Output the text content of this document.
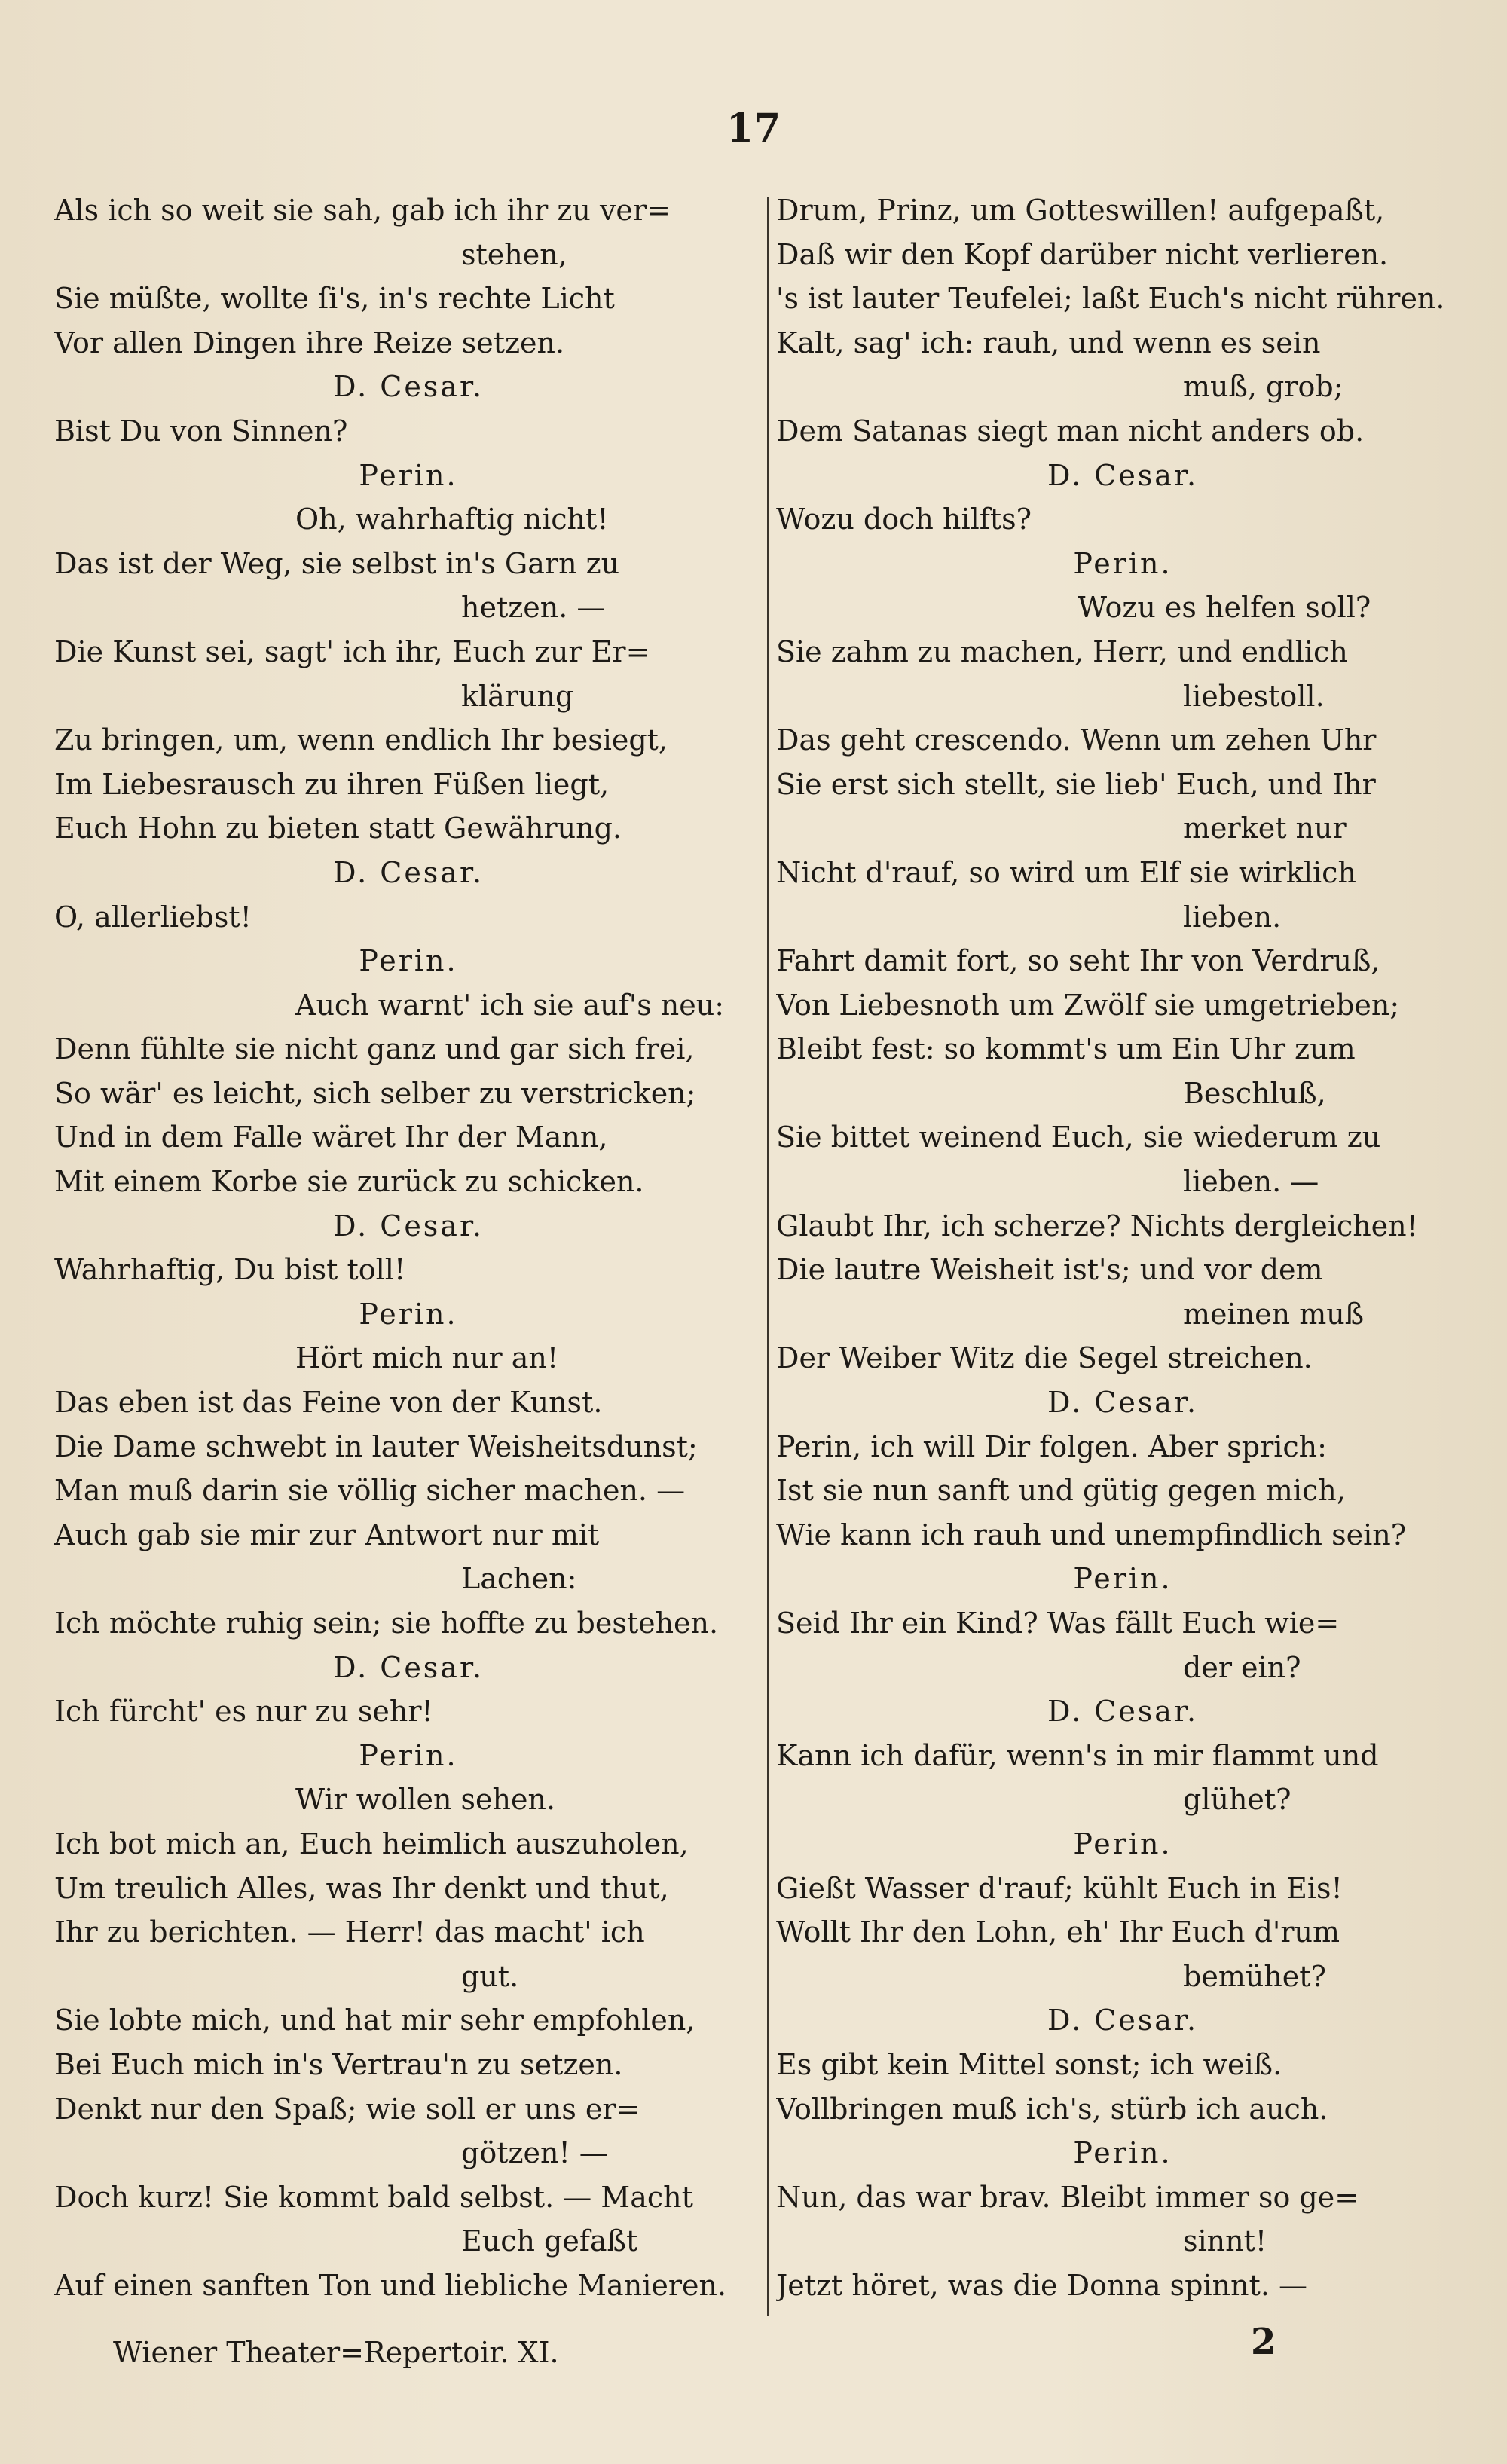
17
Als ich so weit sie sah, gab ich ihr zu ver=
stehen,
Sie müßte, wollte ſi's, in's rechte Licht
Vor allen Dingen ihre Reize setzen.
D. Cesar.
Bist Du von Sinnen?
Perin.
Oh, wahrhaftig nicht!
Das ist der Weg, sie selbst in's Garn zu
hetzen. —
Die Kunst sei, sagt' ich ihr, Euch zur Er=
klärung
Zu bringen, um, wenn endlich Ihr besiegt,
Im Liebesrausch zu ihren Füßen liegt,
Euch Hohn zu bieten statt Gewährung.
D. Cesar.
O, allerliebst!
Perin.
Auch warnt' ich sie auf's neu:
Denn fühlte sie nicht ganz und gar sich frei,
So wär' es leicht, sich selber zu verstricken;
Und in dem Falle wäret Ihr der Mann,
Mit einem Korbe sie zurück zu schicken.
D. Cesar.
Wahrhaftig, Du bist toll!
Perin.
Hört mich nur an!
Das eben ist das Feine von der Kunst.
Die Dame schwebt in lauter Weisheitsdunst;
Man muß darin sie völlig sicher machen. —
Auch gab sie mir zur Antwort nur mit
Lachen:
Ich möchte ruhig sein; sie hoffte zu bestehen.
D. Cesar.
Ich fürcht' es nur zu sehr!
Perin.
Wir wollen sehen.
Ich bot mich an, Euch heimlich auszuholen,
Um treulich Alles, was Ihr denkt und thut,
Ihr zu berichten. — Herr! das macht' ich
gut.
Sie lobte mich, und hat mir sehr empfohlen,
Bei Euch mich in's Vertrau'n zu setzen.
Denkt nur den Spaß; wie soll er uns er=
götzen! —
Doch kurz! Sie kommt bald selbst. — Macht
Euch gefaßt
Auf einen sanften Ton und liebliche Manieren.
Drum, Prinz, um Gotteswillen! aufgepaßt,
Daß wir den Kopf darüber nicht verlieren.
's ist lauter Teufelei; laßt Euch's nicht rühren.
Kalt, sag' ich: rauh, und wenn es sein
muß, grob;
Dem Satanas siegt man nicht anders ob.
D. Cesar.
Wozu doch hilfts?
Perin.
Wozu es helfen soll?
Sie zahm zu machen, Herr, und endlich
liebestoll.
Das geht crescendo. Wenn um zehen Uhr
Sie erst sich stellt, sie lieb' Euch, und Ihr
merket nur
Nicht d'rauf, so wird um Elf sie wirklich
lieben.
Fahrt damit fort, so seht Ihr von Verdruß,
Von Liebesnoth um Zwölf sie umgetrieben;
Bleibt fest: so kommt's um Ein Uhr zum
Beschluß,
Sie bittet weinend Euch, sie wiederum zu
lieben. —
Glaubt Ihr, ich scherze? Nichts dergleichen!
Die lautre Weisheit ist's; und vor dem
meinen muß
Der Weiber Witz die Segel streichen.
D. Cesar.
Perin, ich will Dir folgen. Aber sprich:
Ist sie nun sanft und gütig gegen mich,
Wie kann ich rauh und unempfindlich sein?
Perin.
Seid Ihr ein Kind? Was fällt Euch wie=
der ein?
D. Cesar.
Kann ich dafür, wenn's in mir flammt und
glühet?
Perin.
Gießt Wasser d'rauf; kühlt Euch in Eis!
Wollt Ihr den Lohn, eh' Ihr Euch d'rum
bemühet?
D. Cesar.
Es gibt kein Mittel sonst; ich weiß.
Vollbringen muß ich's, stürb ich auch.
Perin.
Nun, das war brav. Bleibt immer so ge=
sinnt!
Jetzt höret, was die Donna spinnt. —
Wiener Theater=Repertoir. XI.	2
